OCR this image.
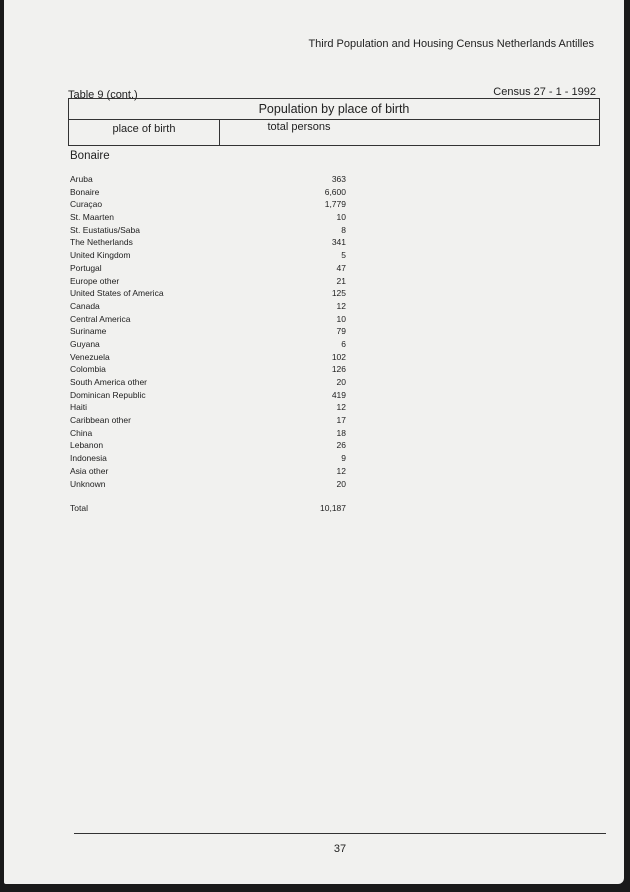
Third Population and Housing Census Netherlands Antilles
Table 9 (cont.)	Census 27 - 1 - 1992
Population by place of birth
place of birth	total persons
Bonaire
Aruba	363
Bonaire	6,600
Curaçao	1,779
St. Maarten	10
St. Eustatius/Saba	8
The Netherlands	341
United Kingdom	5
Portugal	47
Europe other	21
United States of America	125
Canada	12
Central America	10
Suriname	79
Guyana	6
Venezuela	102
Colombia	126
South America other	20
Dominican Republic	419
Haiti	12
Caribbean other	17
China	18
Lebanon	26
Indonesia	9
Asia other	12
Unknown	20
Total	10,187
37
